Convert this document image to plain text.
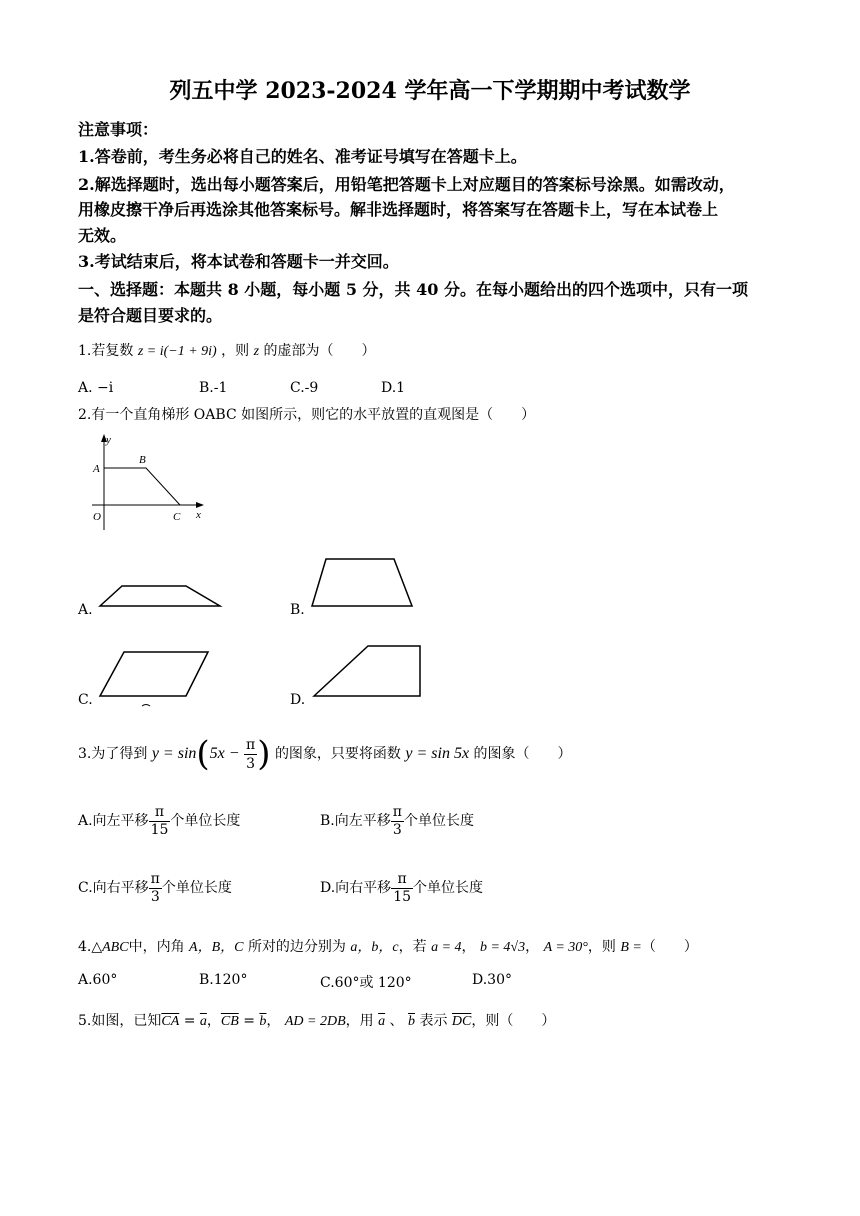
列五中学 2023-2024 学年高一下学期期中考试数学
注意事项：
1.答卷前，考生务必将自己的姓名、准考证号填写在答题卡上。
2.解选择题时，选出每小题答案后，用铅笔把答题卡上对应题目的答案标号涂黑。如需改动，
用橡皮擦干净后再选涂其他答案标号。解非选择题时，将答案写在答题卡上，写在本试卷上
无效。
3.考试结束后，将本试卷和答题卡一并交回。
一、选择题：本题共 8 小题，每小题 5 分，共 40 分。在每小题给出的四个选项中，只有一项
是符合题目要求的。
1.若复数 z = i(−1 + 9i) ，则 z 的虚部为（　　）
A. −i	B.-1	C.-9	D.1
2.有一个直角梯形 OABC 如图所示，则它的水平放置的直观图是（　　）
y
A
B
O	C x
A.	B.
C.	D.
3.为了得到 $y = \sin(5x - \frac{\pi}{3}$ ) 的图象，只要将函数 y = sin 5x 的图象（　　）
A.向左平移 $\frac{\pi}{15}$ 个单位长度	B.向左平移 $\frac{\pi}{3}$ 个单位长度
C.向右平移 $\frac{\pi}{3}$ 个单位长度	D.向右平移 $\frac{\pi}{15}$ 个单位长度
4.△ABC中，内角 A，B，C 所对的边分别为 a，b，c，若 a = 4， b = 4√3， A = 30°，则 B =（　　）
A.60°	B.120°	C.60°或 120°	D.30°
5.如图，已知$\overline{CA} = \overline{a}$，$\overline{CB} = \overline{b}$， AD = 2DB，用 $\overline{a}$ 、 $\overline{b}$ 表示 $\overline{DC}$，则（　　）
